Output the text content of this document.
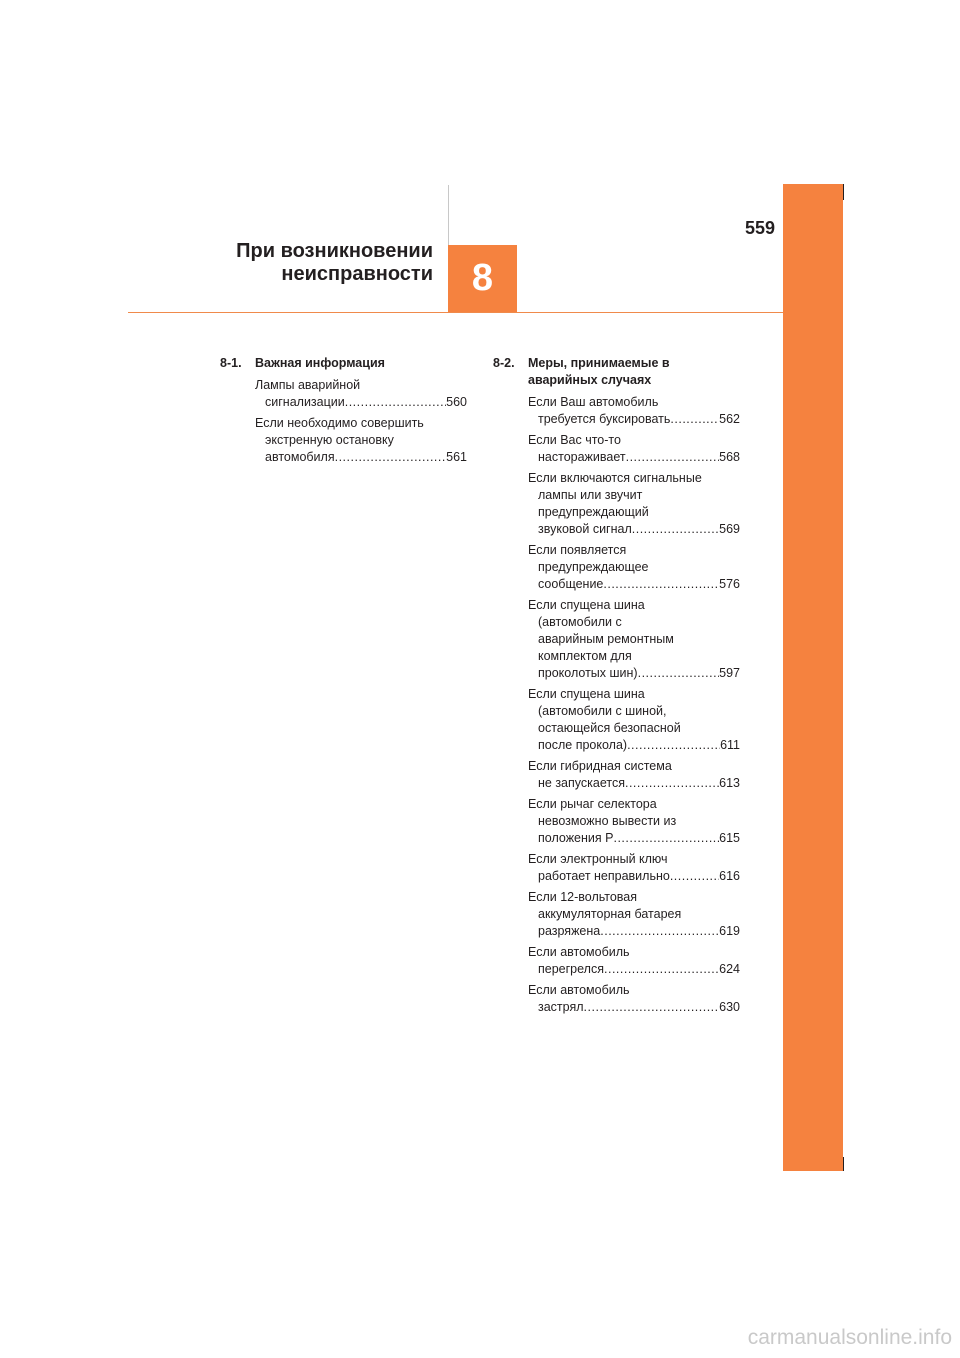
При возникновении
неисправности 8
559
8-1. Важная информация
Лампы аварийной
сигнализации .....	560
Если необходимо совершить
экстренную остановку
автомобиля .....	561
8-2. Меры, принимаемые в
аварийных случаях
Если Ваш автомобиль
требуется буксировать .....	562
Если Вас что-то
настораживает .....	568
Если включаются сигнальные
лампы или звучит
предупреждающий
звуковой сигнал .....	569
Если появляется
предупреждающее
сообщение .....	576
Если спущена шина
(автомобили с
аварийным ремонтным
комплектом для
проколотых шин) .....	597
Если спущена шина
(автомобили с шиной,
остающейся безопасной
после прокола) .....	611
Если гибридная система
не запускается .....	613
Если рычаг селектора
невозможно вывести из
положения P .....	615
Если электронный ключ
работает неправильно .....	616
Если 12-вольтовая
аккумуляторная батарея
разряжена .....	619
Если автомобиль
перегрелся .....	624
Если автомобиль
застрял .....	630
carmanualsonline.info
